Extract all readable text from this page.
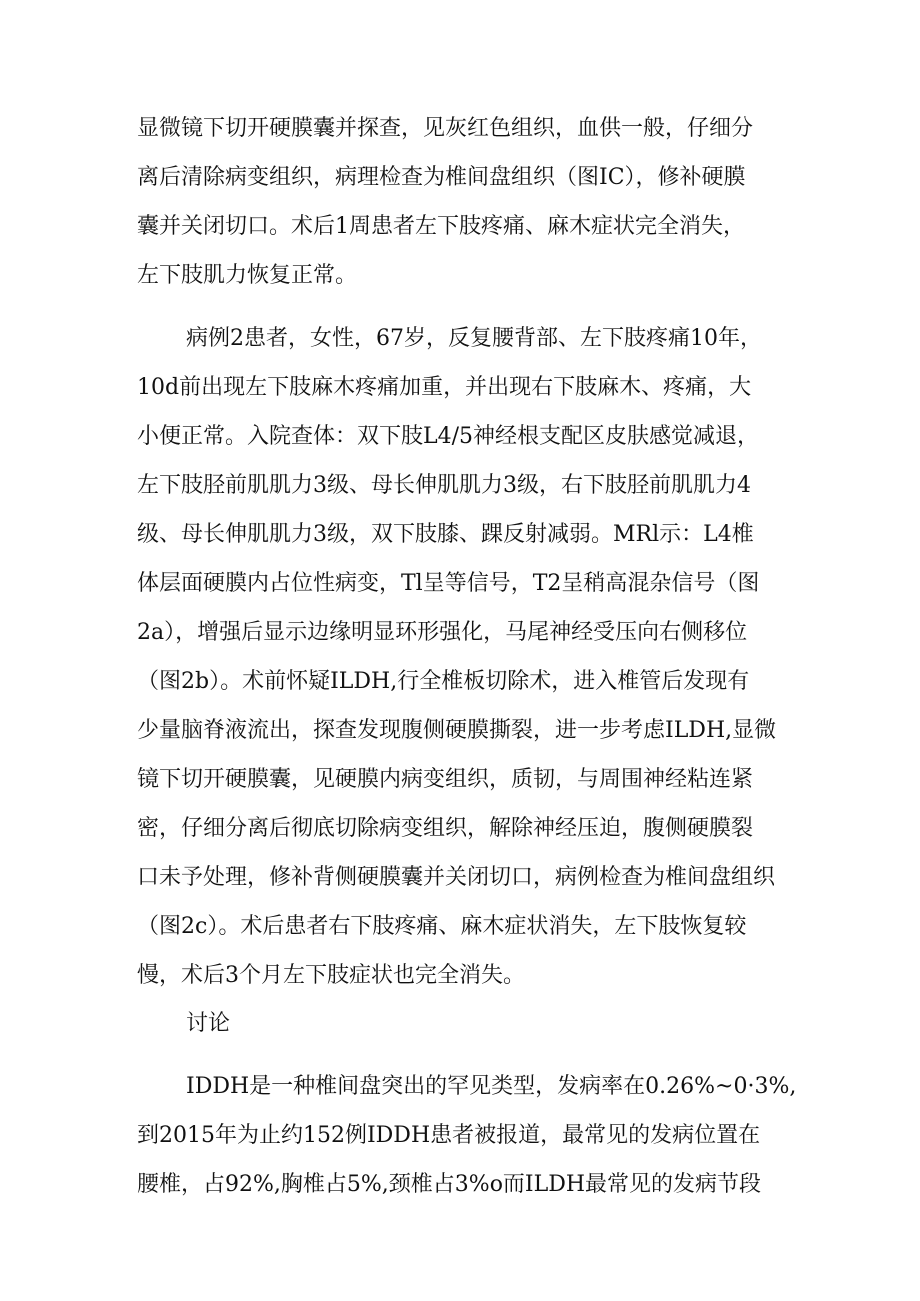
显微镜下切开硬膜囊并探查，见灰红色组织，血供一般，仔细分
离后清除病变组织，病理检查为椎间盘组织（图IC），修补硬膜
囊并关闭切口。术后1周患者左下肢疼痛、麻木症状完全消失，
左下肢肌力恢复正常。
病例2患者，女性，67岁，反复腰背部、左下肢疼痛10年，
10d前出现左下肢麻木疼痛加重，并出现右下肢麻木、疼痛，大
小便正常。入院查体：双下肢L4/5神经根支配区皮肤感觉减退，
左下肢胫前肌肌力3级、母长伸肌肌力3级，右下肢胫前肌肌力4
级、母长伸肌肌力3级，双下肢膝、踝反射减弱。MRl示：L4椎
体层面硬膜内占位性病变，Tl呈等信号，T2呈稍高混杂信号（图
2a），增强后显示边缘明显环形强化，马尾神经受压向右侧移位
（图2b）。术前怀疑ILDH,行全椎板切除术，进入椎管后发现有
少量脑脊液流出，探查发现腹侧硬膜撕裂，进一步考虑ILDH,显微
镜下切开硬膜囊，见硬膜内病变组织，质韧，与周围神经粘连紧
密，仔细分离后彻底切除病变组织，解除神经压迫，腹侧硬膜裂
口未予处理，修补背侧硬膜囊并关闭切口，病例检查为椎间盘组织
（图2c）。术后患者右下肢疼痛、麻木症状消失，左下肢恢复较
慢，术后3个月左下肢症状也完全消失。
讨论
IDDH是一种椎间盘突出的罕见类型，发病率在0.26%~0·3%,
到2015年为止约152例IDDH患者被报道，最常见的发病位置在
腰椎，占92%,胸椎占5%,颈椎占3%o而ILDH最常见的发病节段
